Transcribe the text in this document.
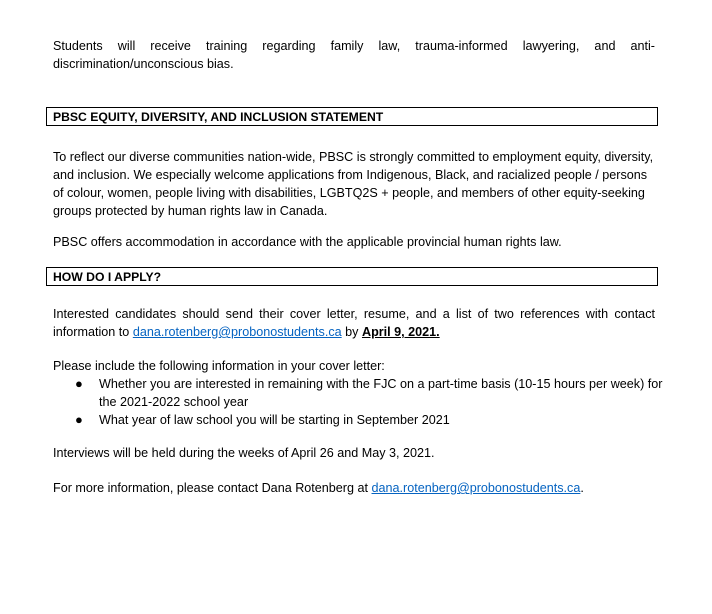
Students will receive training regarding family law, trauma-informed lawyering, and anti-discrimination/unconscious bias.

PBSC EQUITY, DIVERSITY, AND INCLUSION STATEMENT

To reflect our diverse communities nation-wide, PBSC is strongly committed to employment equity, diversity, and inclusion. We especially welcome applications from Indigenous, Black, and racialized people / persons of colour, women, people living with disabilities, LGBTQ2S + people, and members of other equity-seeking groups protected by human rights law in Canada.

PBSC offers accommodation in accordance with the applicable provincial human rights law.

HOW DO I APPLY?

Interested candidates should send their cover letter, resume, and a list of two references with contact information to dana.rotenberg@probonostudents.ca by April 9, 2021.

Please include the following information in your cover letter:

● Whether you are interested in remaining with the FJC on a part-time basis (10-15 hours per week) for the 2021-2022 school year
● What year of law school you will be starting in September 2021

Interviews will be held during the weeks of April 26 and May 3, 2021.

For more information, please contact Dana Rotenberg at dana.rotenberg@probonostudents.ca.
